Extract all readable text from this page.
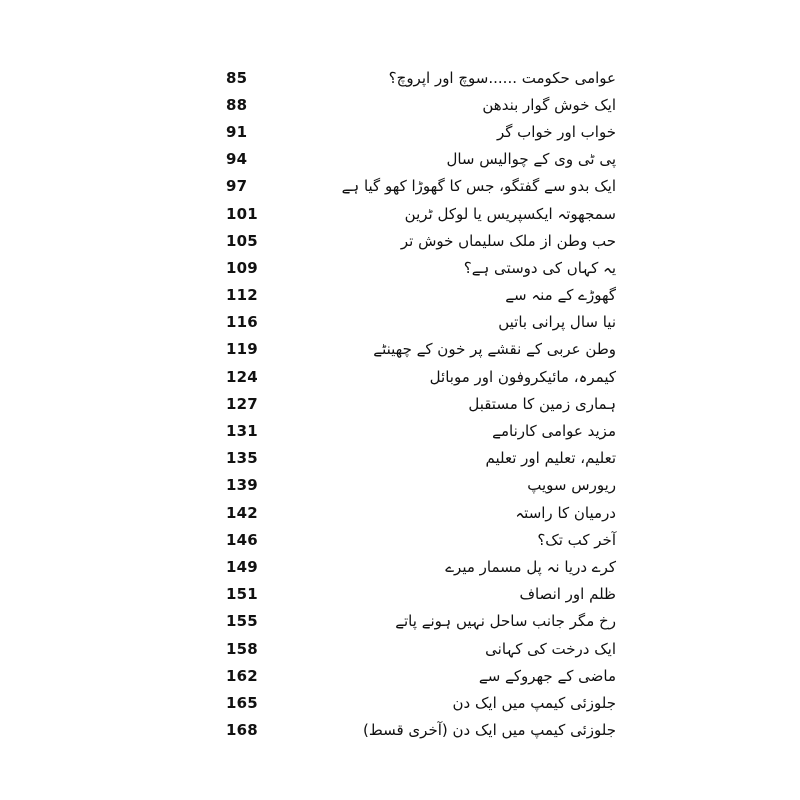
85	عوامی حکومت ......سوچ اور اپروچ؟
88	ایک خوش گوار بندھن
91	خواب اور خواب گر
94	پی ٹی وی کے چوالیس سال
97	ایک بدو سے گفتگو، جس کا گھوڑا کھو گیا ہے
101	سمجھوتہ ایکسپریس یا لوکل ٹرین
105	حب وطن از ملک سلیماں خوش تر
109	یہ کہاں کی دوستی ہے؟
112	گھوڑے کے منہ سے
116	نیا سال پرانی باتیں
119	وطن عربی کے نقشے پر خون کے چھینٹے
124	کیمرہ، مائیکروفون اور موبائل
127	ہماری زمین کا مستقبل
131	مزید عوامی کارنامے
135	تعلیم، تعلیم اور تعلیم
139	ریورس سویپ
142	درمیان کا راستہ
146	آخر کب تک؟
149	کرے دریا نہ پل مسمار میرے
151	ظلم اور انصاف
155	رخ مگر جانب ساحل نہیں ہونے پاتے
158	ایک درخت کی کہانی
162	ماضی کے جھروکے سے
165	جلوزئی کیمپ میں ایک دن
168	جلوزئی کیمپ میں ایک دن (آخری قسط)
